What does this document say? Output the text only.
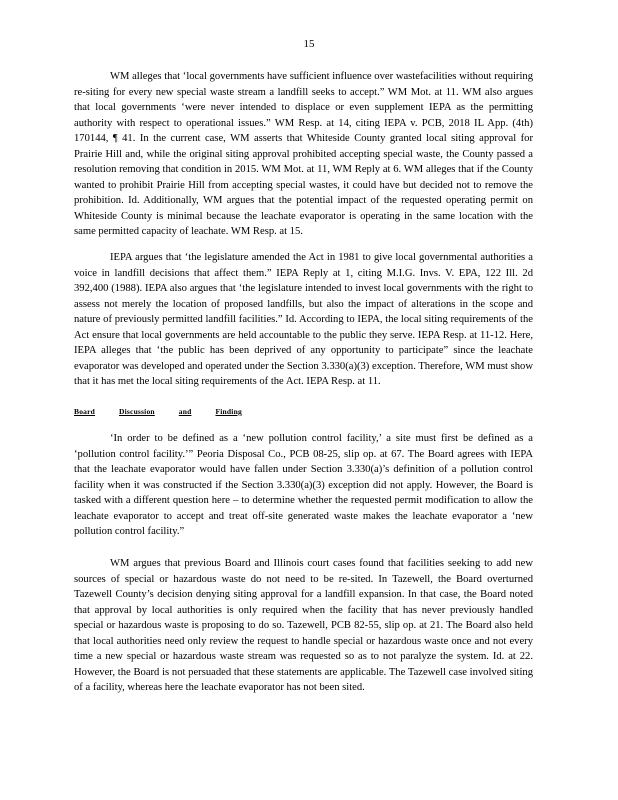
15

WM alleges that ‘local governments have sufficient influence over wastefacilities without requiring re-siting for every new special waste stream a landfill seeks to accept.” WM Mot. at 11. WM also argues that local governments ‘were never intended to displace or even supplement IEPA as the permitting authority with respect to operational issues.” WM Resp. at 14, citing IEPA v. PCB, 2018 IL App. (4th) 170144, ¶ 41. In the current case, WM asserts that Whiteside County granted local siting approval for Prairie Hill and, while the original siting approval prohibited accepting special waste, the County passed a resolution removing that condition in 2015. WM Mot. at 11, WM Reply at 6. WM alleges that if the County wanted to prohibit Prairie Hill from accepting special wastes, it could have but decided not to remove the prohibition. Id. Additionally, WM argues that the potential impact of the requested operating permit on Whiteside County is minimal because the leachate evaporator is operating in the same location with the same permitted capacity of leachate. WM Resp. at 15.

IEPA argues that ‘the legislature amended the Act in 1981 to give local governmental authorities a voice in landfill decisions that affect them.” IEPA Reply at 1, citing M.I.G. Invs. V. EPA, 122 Ill. 2d 392,400 (1988). IEPA also argues that ‘the legislature intended to invest local governments with the right to assess not merely the location of proposed landfills, but also the impact of alterations in the scope and nature of previously permitted landfill facilities.” Id. According to IEPA, the local siting requirements of the Act ensure that local governments are held accountable to the public they serve. IEPA Resp. at 11-12. Here, IEPA alleges that ‘the public has been deprived of any opportunity to participate” since the leachate evaporator was developed and operated under the Section 3.330(a)(3) exception. Therefore, WM must show that it has met the local siting requirements of the Act. IEPA Resp. at 11.

Board	Discussion	and	Finding

‘In order to be defined as a ‘new pollution control facility,’ a site must first be defined as a ‘pollution control facility.’” Peoria Disposal Co., PCB 08-25, slip op. at 67. The Board agrees with IEPA that the leachate evaporator would have fallen under Section 3.330(a)’s definition of a pollution control facility when it was constructed if the Section 3.330(a)(3) exception did not apply. However, the Board is tasked with a different question here – to determine whether the requested permit modification to allow the leachate evaporator to accept and treat off-site generated waste makes the leachate evaporator a ‘new pollution control facility.”

WM argues that previous Board and Illinois court cases found that facilities seeking to add new sources of special or hazardous waste do not need to be re-sited. In Tazewell, the Board overturned Tazewell County’s decision denying siting approval for a landfill expansion. In that case, the Board noted that approval by local authorities is only required when the facility that has never previously handled special or hazardous waste is proposing to do so. Tazewell, PCB 82-55, slip op. at 21. The Board also held that local authorities need only review the request to handle special or hazardous waste once and not every time a new special or hazardous waste stream was requested so as to not paralyze the system. Id. at 22. However, the Board is not persuaded that these statements are applicable. The Tazewell case involved siting of a facility, whereas here the leachate evaporator has not been sited.
